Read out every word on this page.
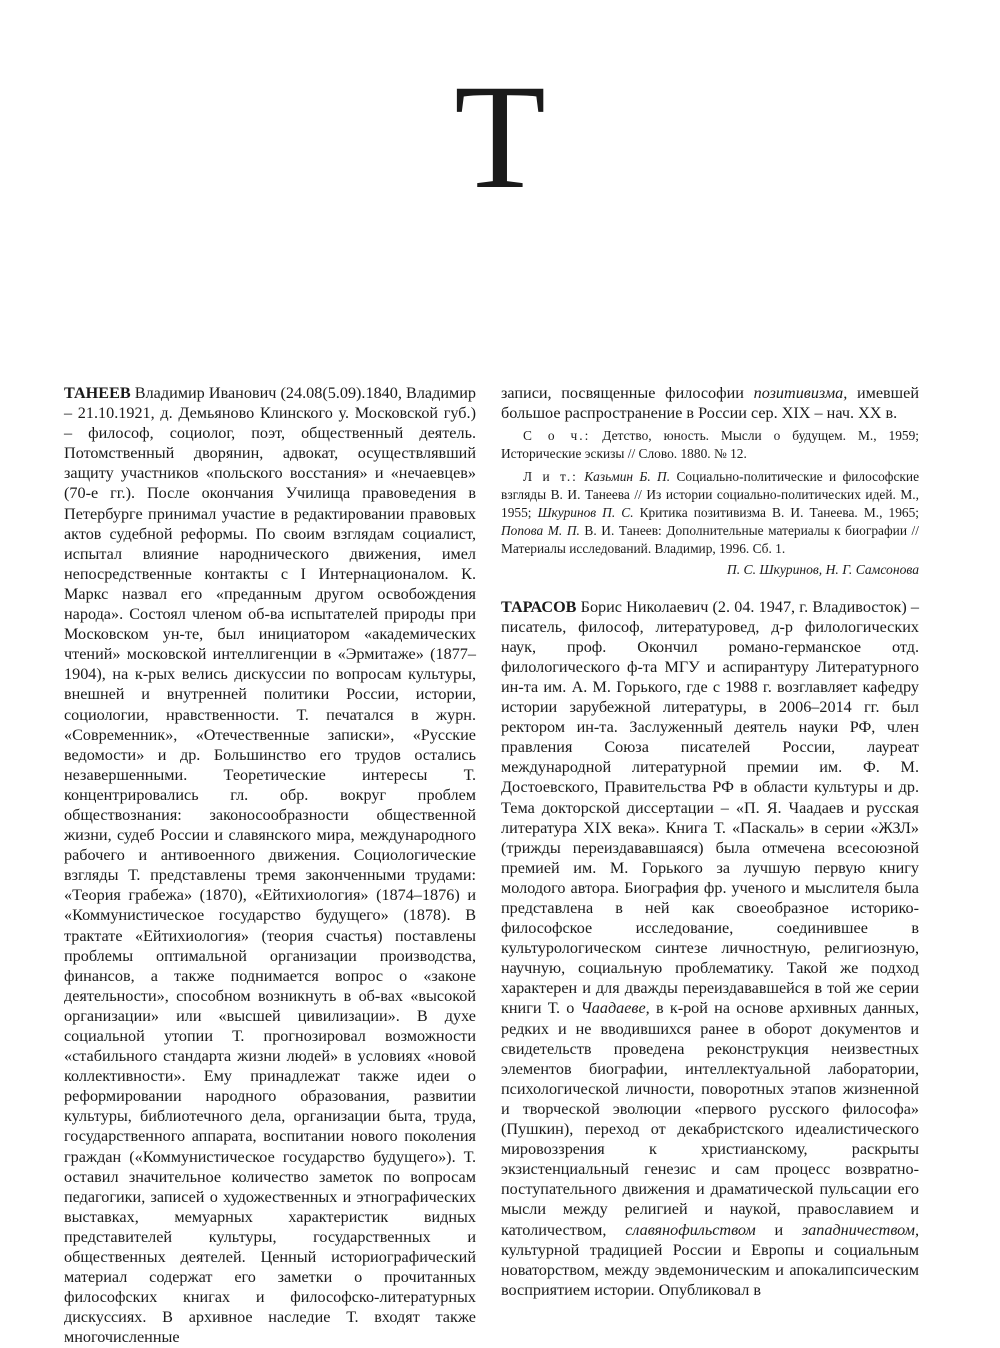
Т

ТАНЕЕВ Владимир Иванович (24.08(5.09).1840, Владимир – 21.10.1921, д. Демьяново Клинского у. Московской губ.) – философ, социолог, поэт, общественный деятель. Потомственный дворянин, адвокат, осуществлявший защиту участников «польского восстания» и «нечаевцев» (70-е гг.). После окончания Училища правоведения в Петербурге принимал участие в редактировании правовых актов судебной реформы. По своим взглядам социалист, испытал влияние народнического движения, имел непосредственные контакты с I Интернационалом. К. Маркс назвал его «преданным другом освобождения народа». Состоял членом об-ва испытателей природы при Московском ун-те, был инициатором «академических чтений» московской интеллигенции в «Эрмитаже» (1877–1904), на к-рых велись дискуссии по вопросам культуры, внешней и внутренней политики России, истории, социологии, нравственности. Т. печатался в журн. «Современник», «Отечественные записки», «Русские ведомости» и др. Большинство его трудов остались незавершенными. Теоретические интересы Т. концентрировались гл. обр. вокруг проблем обществознания: законосообразности общественной жизни, судеб России и славянского мира, международного рабочего и антивоенного движения. Социологические взгляды Т. представлены тремя законченными трудами: «Теория грабежа» (1870), «Ейтихиология» (1874–1876) и «Коммунистическое государство будущего» (1878). В трактате «Ейтихиология» (теория счастья) поставлены проблемы оптимальной организации производства, финансов, а также поднимается вопрос о «законе деятельности», способном возникнуть в об-вах «высокой организации» или «высшей цивилизации». В духе социальной утопии Т. прогнозировал возможности «стабильного стандарта жизни людей» в условиях «новой коллективности». Ему принадлежат также идеи о реформировании народного образования, развитии культуры, библиотечного дела, организации быта, труда, государственного аппарата, воспитании нового поколения граждан («Коммунистическое государство будущего»). Т. оставил значительное количество заметок по вопросам педагогики, записей о художественных и этнографических выставках, мемуарных характеристик видных представителей культуры, государственных и общественных деятелей. Ценный историографический материал содержат его заметки о прочитанных философских книгах и философско-литературных дискуссиях. В архивное наследие Т. входят также многочисленные

записи, посвященные философии позитивизма, имевшей большое распространение в России сер. XIX – нач. XX в.

С о ч.: Детство, юность. Мысли о будущем. М., 1959; Исторические эскизы // Слово. 1880. № 12.

Л и т.: Казьмин Б. П. Социально-политические и философские взгляды В. И. Танеева // Из истории социально-политических идей. М., 1955; Шкуринов П. С. Критика позитивизма В. И. Танеева. М., 1965; Попова М. П. В. И. Танеев: Дополнительные материалы к биографии // Материалы исследований. Владимир, 1996. Сб. 1.

П. С. Шкуринов, Н. Г. Самсонова

ТАРАСОВ Борис Николаевич (2. 04. 1947, г. Владивосток) – писатель, философ, литературовед, д-р филологических наук, проф. Окончил романо-германское отд. филологического ф-та МГУ и аспирантуру Литературного ин-та им. А. М. Горького, где с 1988 г. возглавляет кафедру истории зарубежной литературы, в 2006–2014 гг. был ректором ин-та. Заслуженный деятель науки РФ, член правления Союза писателей России, лауреат международной литературной премии им. Ф. М. Достоевского, Правительства РФ в области культуры и др. Тема докторской диссертации – «П. Я. Чаадаев и русская литература XIX века». Книга Т. «Паскаль» в серии «ЖЗЛ» (трижды переиздававшаяся) была отмечена всесоюзной премией им. М. Горького за лучшую первую книгу молодого автора. Биография фр. ученого и мыслителя была представлена в ней как своеобразное историко-философское исследование, соединившее в культурологическом синтезе личностную, религиозную, научную, социальную проблематику. Такой же подход характерен и для дважды переиздававшейся в той же серии книги Т. о Чаадаеве, в к-рой на основе архивных данных, редких и не вводившихся ранее в оборот документов и свидетельств проведена реконструкция неизвестных элементов биографии, интеллектуальной лаборатории, психологической личности, поворотных этапов жизненной и творческой эволюции «первого русского философа» (Пушкин), переход от декабристского идеалистического мировоззрения к христианскому, раскрыты экзистенциальный генезис и сам процесс возвратно-поступательного движения и драматической пульсации его мысли между религией и наукой, православием и католичеством, славянофильством и западничеством, культурной традицией России и Европы и социальным новаторством, между эвдемоническим и апокалипсическим восприятием истории. Опубликовал в
